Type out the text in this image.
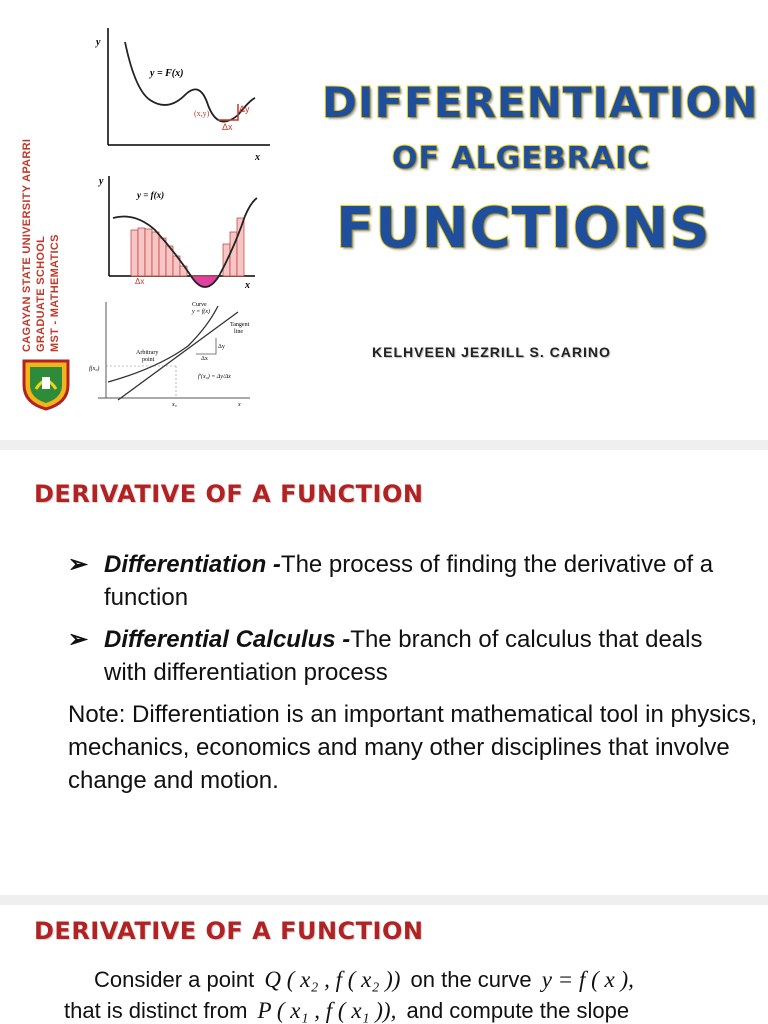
CAGAYAN STATE UNIVERSITY APARRI GRADUATE SCHOOL MST - MATHEMATICS
y
x
y = F(x)
(x,y)	Δy
Δx
y
x
y = f(x)
Δx
Curve
y = f(x)
Tangent
line
Arbitrary
point
f(x₀)
Δy
Δx
f′(x₀) = Δy/Δx
x₀	x
DIFFERENTIATION
OF ALGEBRAIC
FUNCTIONS
KELHVEEN JEZRILL S. CARINO
DERIVATIVE OF A FUNCTION
➢ Differentiation -The process of finding the derivative of a function
➢ Differential Calculus -The branch of calculus that deals with differentiation process
Note: Differentiation is an important mathematical tool in physics, mechanics, economics and many other disciplines that involve change and motion.
DERIVATIVE OF A FUNCTION
Consider a point Q ( x₂ , f ( x₂ )) on the curve y = f ( x ),
that is distinct from P ( x₁ , f ( x₁ )), and compute the slope
